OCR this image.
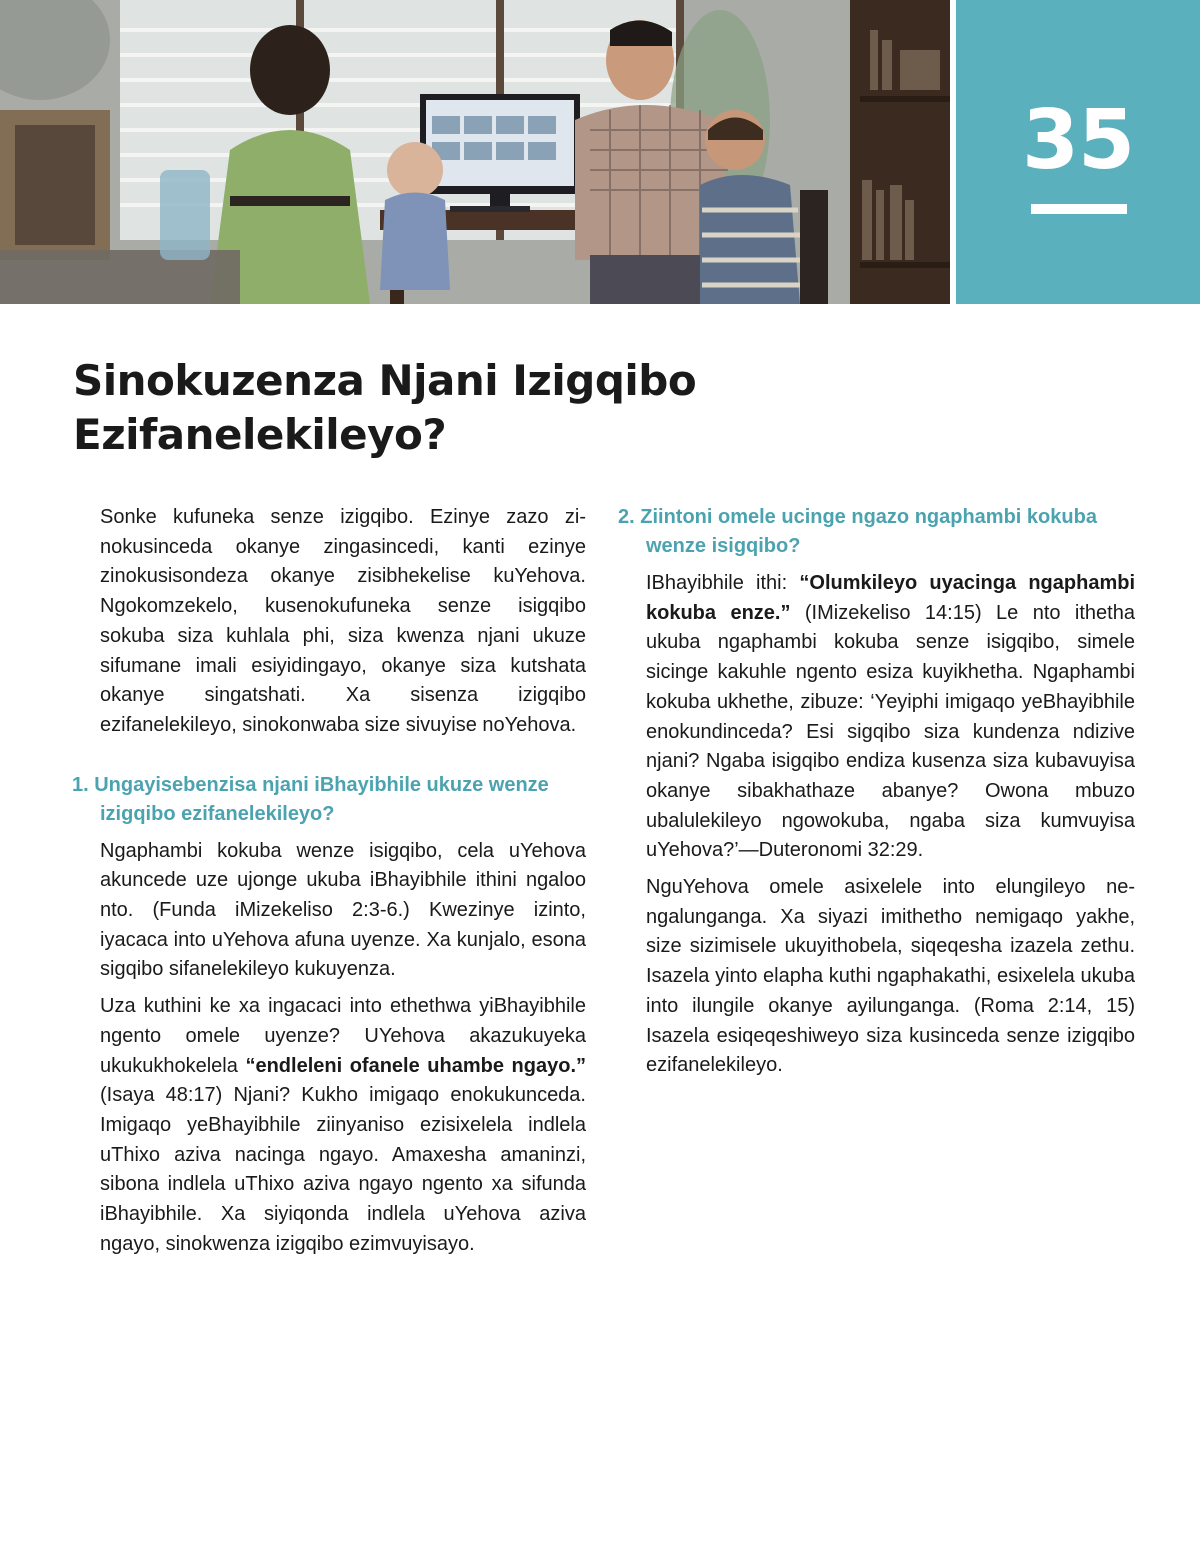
35
Sinokuzenza Njani Izigqibo
Ezifanelekileyo?

Sonke kufuneka senze izigqibo. Ezinye zazo zinokusinceda okanye zingasincedi, kanti ezinye zinokusisondeza okanye zisibhekelise kuYehova. Ngokomzekelo, kusenokufuneka senze isigqibo sokuba siza kuhlala phi, siza kwenza njani ukuze sifumane imali esiyidingayo, okanye siza kutshata okanye singatshati. Xa sisenza izigqibo ezifanelekileyo, sinokonwaba size sivuyise noYehova.

1. Ungayisebenzisa njani iBhayibhile ukuze wenze izigqibo ezifanelekileyo?

Ngaphambi kokuba wenze isigqibo, cela uYehova akuncede uze ujonge ukuba iBhayibhile ithini ngaloo nto. (Funda iMizekeliso 2:3-6.) Kwezinye izinto, iyacaca into uYehova afuna uyenze. Xa kunjalo, esona sigqibo sifanelekileyo kukuyenza.

Uza kuthini ke xa ingacaci into ethethwa yiBhayibhile ngento omele uyenze? UYehova akazukuyeka ukukukhokelela “endleleni ofanele uhambe ngayo.” (Isaya 48:17) Njani? Kukho imigaqo enokukunceda. Imigaqo yeBhayibhile ziinyaniso ezisixelela indlela uThixo aziva nacinga ngayo. Amaxesha amaninzi, sibona indlela uThixo aziva ngayo ngento xa sifunda iBhayibhile. Xa siyiqonda indlela uYehova aziva ngayo, sinokwenza izigqibo ezimvuyisayo.

2. Ziintoni omele ucinge ngazo ngaphambi kokuba wenze isigqibo?

IBhayibhile ithi: “Olumkileyo uyacinga ngaphambi kokuba enze.” (IMizekeliso 14:15) Le nto ithetha ukuba ngaphambi kokuba senze isigqibo, simele sicinge kakuhle ngento esiza kuyikhetha. Ngaphambi kokuba ukhethe, zibuze: ‘Yeyiphi imigaqo yeBhayibhile enokundinceda? Esi sigqibo siza kundenza ndizive njani? Ngaba isigqibo endiza kusenza siza kubavuyisa okanye sibakhathaze abanye? Owona mbuzo ubalulekileyo ngowokuba, ngaba siza kumvuyisa uYehova?’—Duteronomi 32:29.

NguYehova omele asixelele into elungileyo nengalunganga. Xa siyazi imithetho nemigaqo yakhe, size sizimisele ukuyithobela, siqeqesha izazela zethu. Isazela yinto elapha kuthi ngaphakathi, esixelela ukuba into ilungile okanye ayilunganga. (Roma 2:14, 15) Isazela esiqeqeshiweyo siza kusinceda senze izigqibo ezifanelekileyo.
